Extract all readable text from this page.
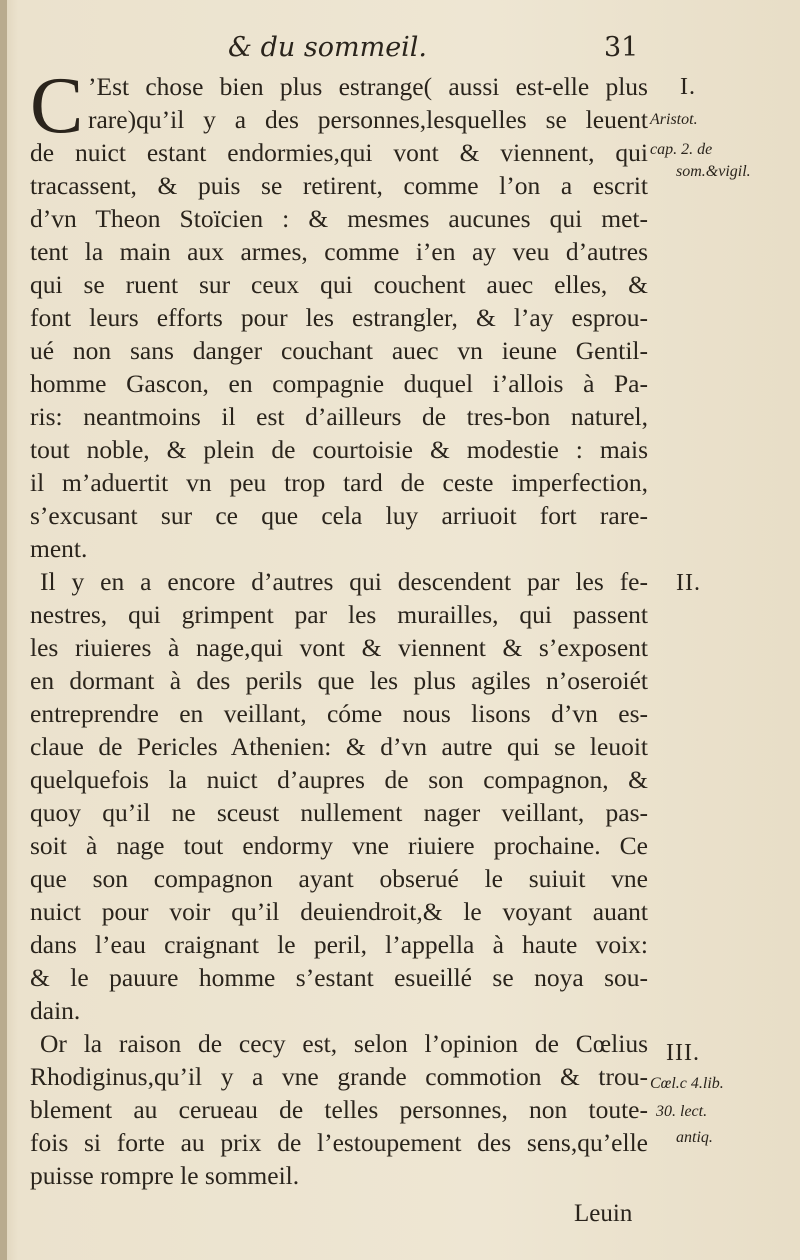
& du sommeil.	31
C ’Est chose bien plus estrange( aussi est-elle plus
rare)qu’il y a des personnes,lesquelles se leuent
de nuict estant endormies,qui vont & viennent, qui
tracassent, & puis se retirent, comme l’on a escrit
d’vn Theon Stoïcien : & mesmes aucunes qui met-
tent la main aux armes, comme i’en ay veu d’autres
qui se ruent sur ceux qui couchent auec elles, &
font leurs efforts pour les estrangler, & l’ay esprou-
ué non sans danger couchant auec vn ieune Gentil-
homme Gascon, en compagnie duquel i’allois à Pa-
ris: neantmoins il est d’ailleurs de tres-bon naturel,
tout noble, & plein de courtoisie & modestie : mais
il m’aduertit vn peu trop tard de ceste imperfection,
s’excusant sur ce que cela luy arriuoit fort rare-
ment.
Il y en a encore d’autres qui descendent par les fe-
nestres, qui grimpent par les murailles, qui passent
les riuieres à nage,qui vont & viennent & s’exposent
en dormant à des perils que les plus agiles n’oseroiét
entreprendre en veillant, cóme nous lisons d’vn es-
claue de Pericles Athenien: & d’vn autre qui se leuoit
quelquefois la nuict d’aupres de son compagnon, &
quoy qu’il ne sceust nullement nager veillant, pas-
soit à nage tout endormy vne riuiere prochaine. Ce
que son compagnon ayant obserué le suiuit vne
nuict pour voir qu’il deuiendroit,& le voyant auant
dans l’eau craignant le peril, l’appella à haute voix:
& le pauure homme s’estant esueillé se noya sou-
dain.
Or la raison de cecy est, selon l’opinion de Cœlius
Rhodiginus,qu’il y a vne grande commotion & trou-
blement au cerueau de telles personnes, non toute-
fois si forte au prix de l’estoupement des sens,qu’elle
puisse rompre le sommeil.
I.
Aristot.
cap. 2. de
som.&vigil.
II.
III.
Cœl.c 4.lib.
30. lect.
antiq.
Leuin
